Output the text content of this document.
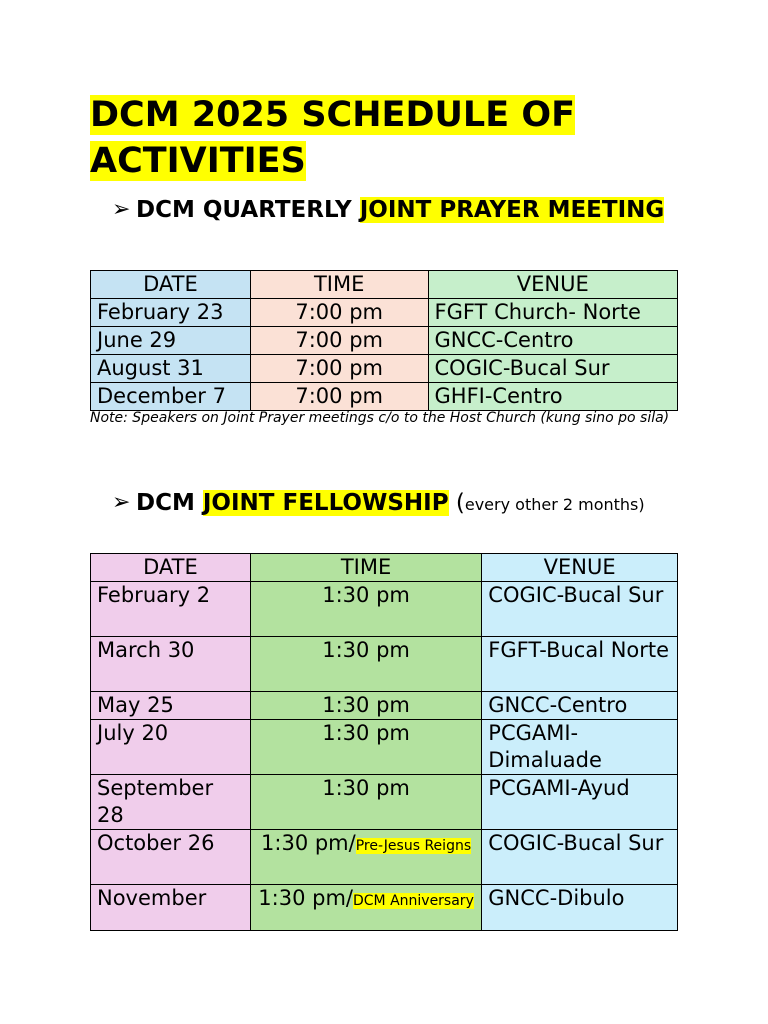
DCM 2025 SCHEDULE OF
ACTIVITIES
➢ DCM QUARTERLY JOINT PRAYER MEETING
DATE	TIME	VENUE
February 23	7:00 pm	FGFT Church- Norte
June 29	7:00 pm	GNCC-Centro
August 31	7:00 pm	COGIC-Bucal Sur
December 7	7:00 pm	GHFI-Centro
Note: Speakers on Joint Prayer meetings c/o to the Host Church (kung sino po sila)
➢ DCM JOINT FELLOWSHIP (every other 2 months)
DATE	TIME	VENUE
February 2	1:30 pm	COGIC-Bucal Sur
March 30	1:30 pm	FGFT-Bucal Norte
May 25	1:30 pm	GNCC-Centro
July 20	1:30 pm	PCGAMI-Dimaluade
September 28	1:30 pm	PCGAMI-Ayud
October 26	1:30 pm/Pre-Jesus Reigns	COGIC-Bucal Sur
November	1:30 pm/DCM Anniversary	GNCC-Dibulo
